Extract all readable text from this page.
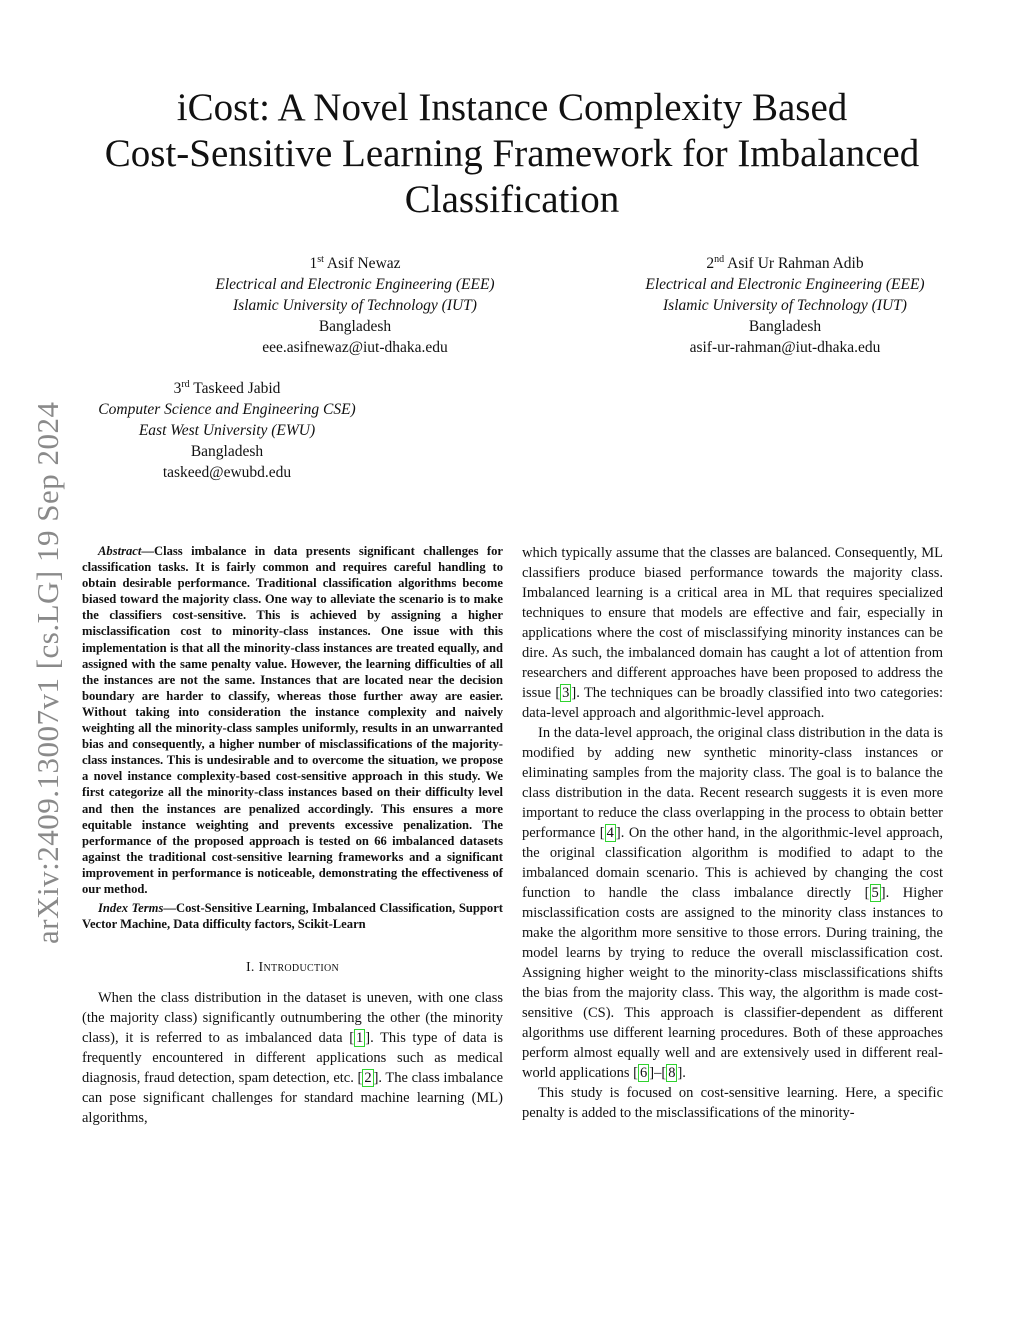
iCost: A Novel Instance Complexity Based
Cost-Sensitive Learning Framework for Imbalanced
Classification
1st Asif Newaz
Electrical and Electronic Engineering (EEE)
Islamic University of Technology (IUT)
Bangladesh
eee.asifnewaz@iut-dhaka.edu
2nd Asif Ur Rahman Adib
Electrical and Electronic Engineering (EEE)
Islamic University of Technology (IUT)
Bangladesh
asif-ur-rahman@iut-dhaka.edu
3rd Taskeed Jabid
Computer Science and Engineering CSE)
East West University (EWU)
Bangladesh
taskeed@ewubd.edu
arXiv:2409.13007v1 [cs.LG] 19 Sep 2024	Abstract—Class imbalance in data presents significant challenges for classification tasks. It is fairly common and requires careful handling to obtain desirable performance. Traditional classification algorithms become biased toward the majority class. One way to alleviate the scenario is to make the classifiers cost-sensitive. This is achieved by assigning a higher misclassification cost to minority-class instances. One issue with this implementation is that all the minority-class instances are treated equally, and assigned with the same penalty value. However, the learning difficulties of all the instances are not the same. Instances that are located near the decision boundary are harder to classify, whereas those further away are easier. Without taking into consideration the instance complexity and naively weighting all the minority-class samples uniformly, results in an unwarranted bias and consequently, a higher number of misclassifications of the majority-class instances. This is undesirable and to overcome the situation, we propose a novel instance complexity-based cost-sensitive approach in this study. We first categorize all the minority-class instances based on their difficulty level and then the instances are penalized accordingly. This ensures a more equitable instance weighting and prevents excessive penalization. The performance of the proposed approach is tested on 66 imbalanced datasets against the traditional cost-sensitive learning frameworks and a significant improvement in performance is noticeable, demonstrating the effectiveness of our method.

Index Terms—Cost-Sensitive Learning, Imbalanced Classification, Support Vector Machine, Data difficulty factors, Scikit-Learn

I. Introduction

When the class distribution in the dataset is uneven, with one class (the majority class) significantly outnumbering the other (the minority class), it is referred to as imbalanced data [ 1 ]. This type of data is frequently encountered in different applications such as medical diagnosis, fraud detection, spam detection, etc. [ 2 ]. The class imbalance can pose significant challenges for standard machine learning (ML) algorithms,

which typically assume that the classes are balanced. Consequently, ML classifiers produce biased performance towards the majority class. Imbalanced learning is a critical area in ML that requires specialized techniques to ensure that models are effective and fair, especially in applications where the cost of misclassifying minority instances can be dire. As such, the imbalanced domain has caught a lot of attention from researchers and different approaches have been proposed to address the issue [ 3 ]. The techniques can be broadly classified into two categories: data-level approach and algorithmic-level approach.

In the data-level approach, the original class distribution in the data is modified by adding new synthetic minority-class instances or eliminating samples from the majority class. The goal is to balance the class distribution in the data. Recent research suggests it is even more important to reduce the class overlapping in the process to obtain better performance [ 4 ]. On the other hand, in the algorithmic-level approach, the original classification algorithm is modified to adapt to the imbalanced domain scenario. This is achieved by changing the cost function to handle the class imbalance directly [ 5 ]. Higher misclassification costs are assigned to the minority class instances to make the algorithm more sensitive to those errors. During training, the model learns by trying to reduce the overall misclassification cost. Assigning higher weight to the minority-class misclassifications shifts the bias from the majority class. This way, the algorithm is made cost-sensitive (CS). This approach is classifier-dependent as different algorithms use different learning procedures. Both of these approaches perform almost equally well and are extensively used in different real-world applications [ 6 ]–[ 8 ].

This study is focused on cost-sensitive learning. Here, a specific penalty is added to the misclassifications of the minority-
